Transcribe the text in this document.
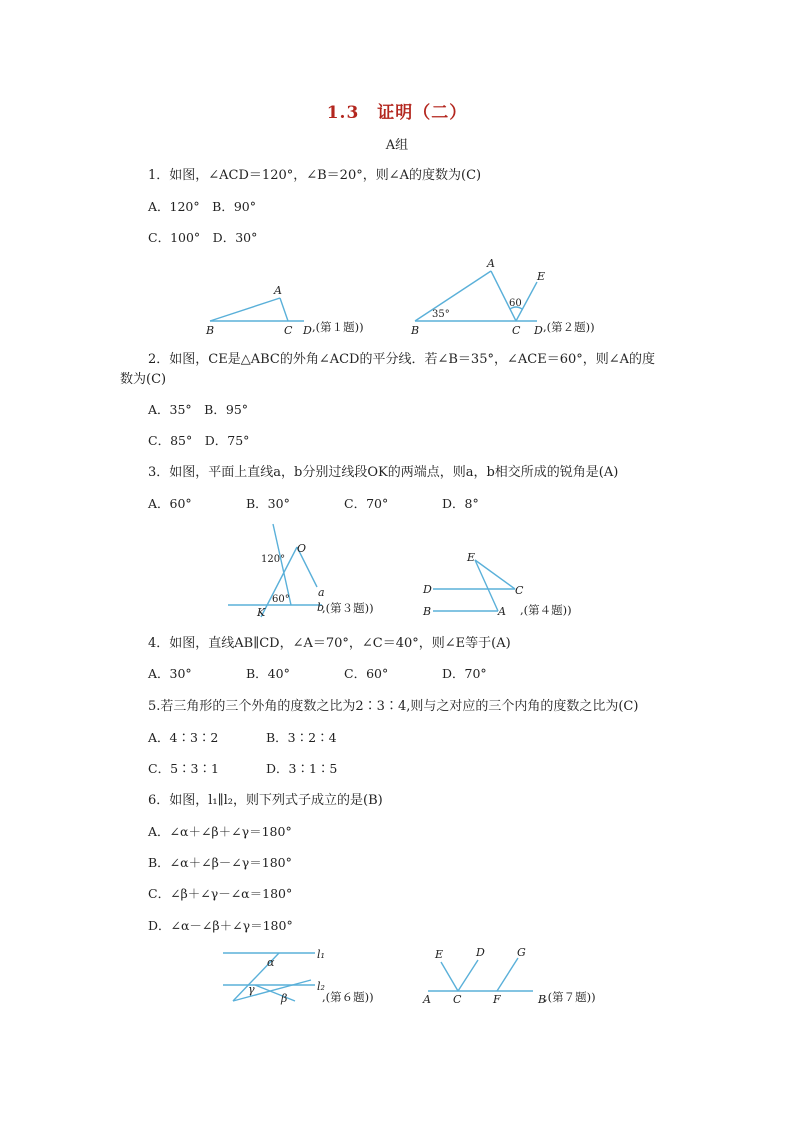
1.3　证明（二）
A组
1．如图，∠ACD＝120°，∠B＝20°，则∠A的度数为(C)
A．120°　B．90°
C．100°　D．30°
A
B	C D ,(第１题))
A
E
B	C D
35°
60
,(第２题))
2．如图，CE是△ABC的外角∠ACD的平分线．若∠B＝35°，∠ACE＝60°，则∠A的度
数为(C)
A．35°　B．95°
C．85°　D．75°
3．如图，平面上直线a，b分别过线段OK的两端点，则a，b相交所成的锐角是(A)
A．60°	B．30°	C．70°	D．8°
O
a
K	b
120°
60°
,(第３题))
E
D	C
B	A ,(第４题))
4．如图，直线AB∥CD，∠A＝70°，∠C＝40°，则∠E等于(A)
A．30°	B．40°	C．60°	D．70°
5.若三角形的三个外角的度数之比为2∶3∶4,则与之对应的三个内角的度数之比为(C)
A．4∶3∶2	B．3∶2∶4
C．5∶3∶1	D．3∶1∶5
6．如图，l₁∥l₂，则下列式子成立的是(B)
A．∠α＋∠β＋∠γ＝180°
B．∠α＋∠β－∠γ＝180°
C．∠β＋∠γ－∠α＝180°
D．∠α－∠β＋∠γ＝180°
l₁
l₂
α
γ
β	,(第６题))
E	D	G
A C	F	B
,(第７题))
